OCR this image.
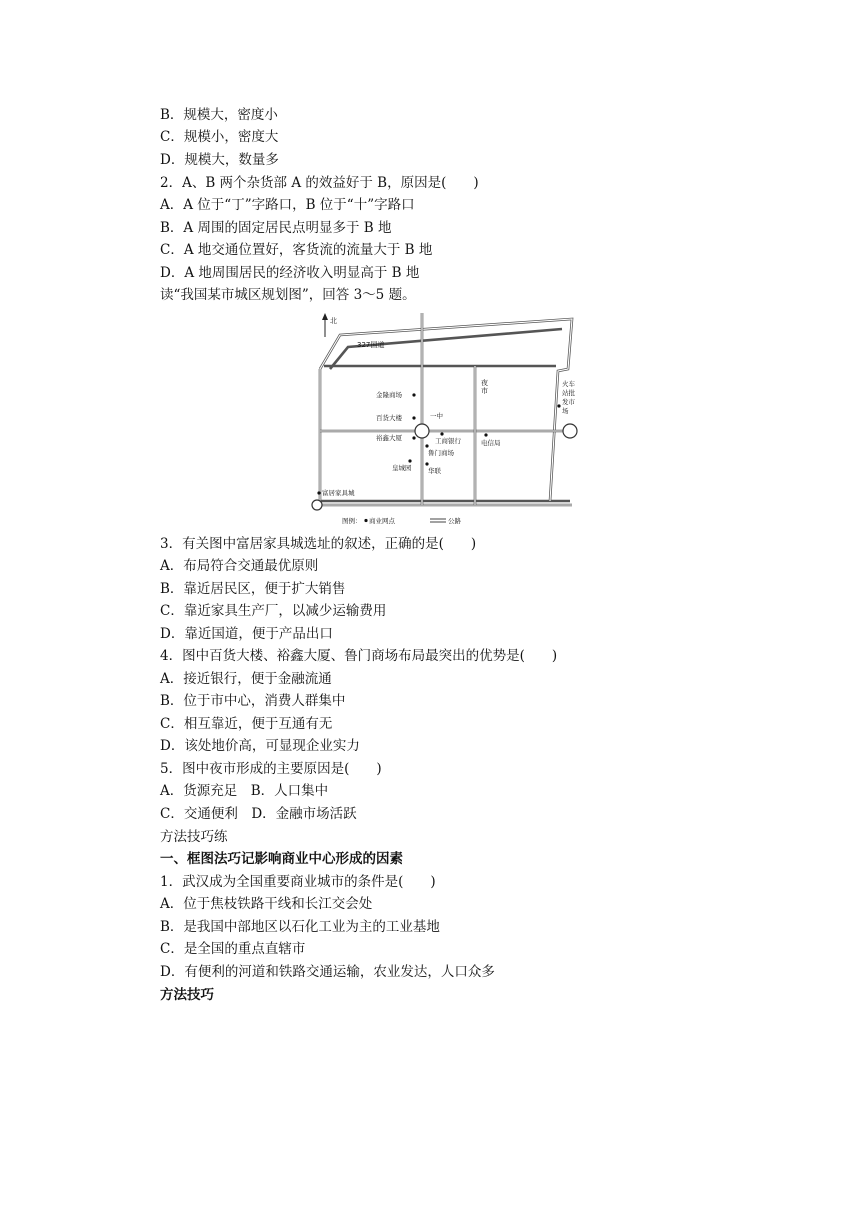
B．规模大，密度小
C．规模小，密度大
D．规模大，数量多
2．A、B 两个杂货部 A 的效益好于 B，原因是(　　)
A．A 位于“丁”字路口，B 位于“十”字路口
B．A 周围的固定居民点明显多于 B 地
C．A 地交通位置好，客货流的流量大于 B 地
D．A 地周围居民的经济收入明显高于 B 地
读“我国某市城区规划图”，回答 3～5 题。
北
327国道
夜
市
火车
站批
发市
场
金隆商场
百货大楼	一中
裕鑫大厦	工商银行	电信局
鲁门商场
皇城园	华联
富居家具城
图例： 商业网点	公路
3．有关图中富居家具城选址的叙述，正确的是(　　)
A．布局符合交通最优原则
B．靠近居民区，便于扩大销售
C．靠近家具生产厂，以减少运输费用
D．靠近国道，便于产品出口
4．图中百货大楼、裕鑫大厦、鲁门商场布局最突出的优势是(　　)
A．接近银行，便于金融流通
B．位于市中心，消费人群集中
C．相互靠近，便于互通有无
D．该处地价高，可显现企业实力
5．图中夜市形成的主要原因是(　　)
A．货源充足　B．人口集中
C．交通便利　D．金融市场活跃
方法技巧练
一、框图法巧记影响商业中心形成的因素
1．武汉成为全国重要商业城市的条件是(　　)
A．位于焦枝铁路干线和长江交会处
B．是我国中部地区以石化工业为主的工业基地
C．是全国的重点直辖市
D．有便利的河道和铁路交通运输，农业发达，人口众多
方法技巧
